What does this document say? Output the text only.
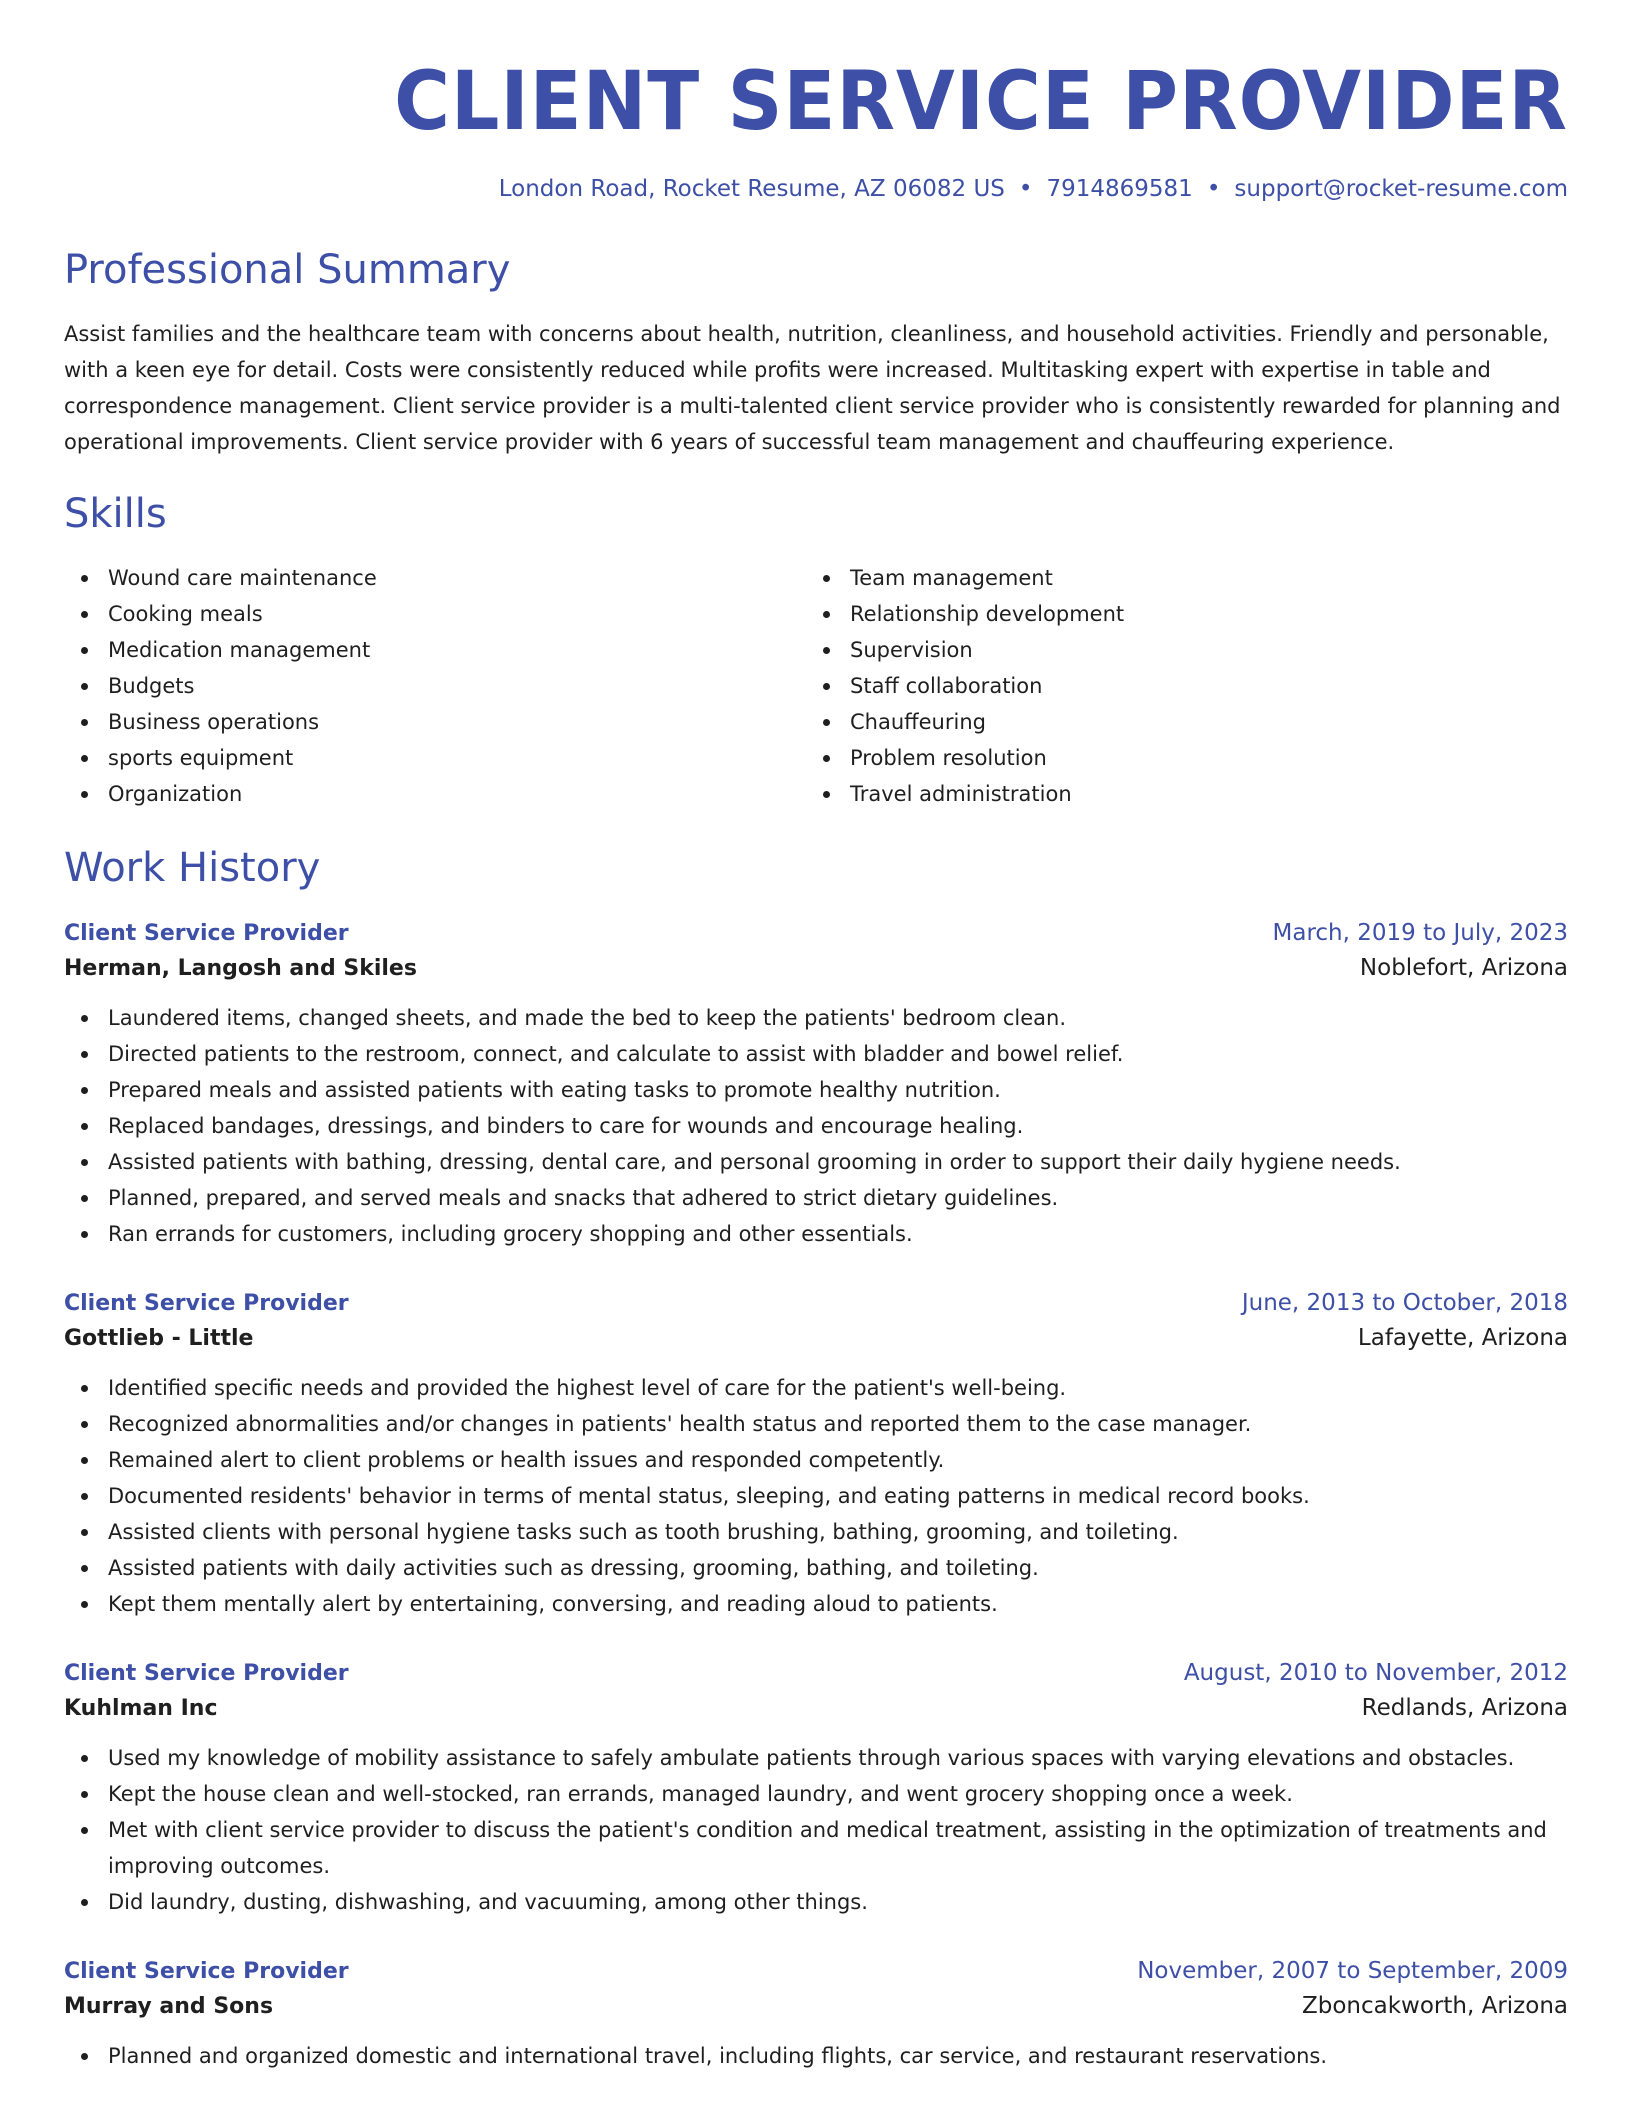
CLIENT SERVICE PROVIDER
London Road, Rocket Resume, AZ 06082 US • 7914869581 • support@rocket-resume.com
Professional Summary
Assist families and the healthcare team with concerns about health, nutrition, cleanliness, and household activities. Friendly and personable, with a keen eye for detail. Costs were consistently reduced while profits were increased. Multitasking expert with expertise in table and correspondence management. Client service provider is a multi-talented client service provider who is consistently rewarded for planning and operational improvements. Client service provider with 6 years of successful team management and chauffeuring experience.
Skills
Wound care maintenance
Cooking meals
Medication management
Budgets
Business operations
sports equipment
Organization
Team management
Relationship development
Supervision
Staff collaboration
Chauffeuring
Problem resolution
Travel administration
Work History
Client Service Provider	March, 2019 to July, 2023
Herman, Langosh and Skiles	Noblefort, Arizona
Laundered items, changed sheets, and made the bed to keep the patients' bedroom clean.
Directed patients to the restroom, connect, and calculate to assist with bladder and bowel relief.
Prepared meals and assisted patients with eating tasks to promote healthy nutrition.
Replaced bandages, dressings, and binders to care for wounds and encourage healing.
Assisted patients with bathing, dressing, dental care, and personal grooming in order to support their daily hygiene needs.
Planned, prepared, and served meals and snacks that adhered to strict dietary guidelines.
Ran errands for customers, including grocery shopping and other essentials.
Client Service Provider	June, 2013 to October, 2018
Gottlieb - Little	Lafayette, Arizona
Identified specific needs and provided the highest level of care for the patient's well-being.
Recognized abnormalities and/or changes in patients' health status and reported them to the case manager.
Remained alert to client problems or health issues and responded competently.
Documented residents' behavior in terms of mental status, sleeping, and eating patterns in medical record books.
Assisted clients with personal hygiene tasks such as tooth brushing, bathing, grooming, and toileting.
Assisted patients with daily activities such as dressing, grooming, bathing, and toileting.
Kept them mentally alert by entertaining, conversing, and reading aloud to patients.
Client Service Provider	August, 2010 to November, 2012
Kuhlman Inc	Redlands, Arizona
Used my knowledge of mobility assistance to safely ambulate patients through various spaces with varying elevations and obstacles.
Kept the house clean and well-stocked, ran errands, managed laundry, and went grocery shopping once a week.
Met with client service provider to discuss the patient's condition and medical treatment, assisting in the optimization of treatments and improving outcomes.
Did laundry, dusting, dishwashing, and vacuuming, among other things.
Client Service Provider	November, 2007 to September, 2009
Murray and Sons	Zboncakworth, Arizona
Planned and organized domestic and international travel, including flights, car service, and restaurant reservations.
